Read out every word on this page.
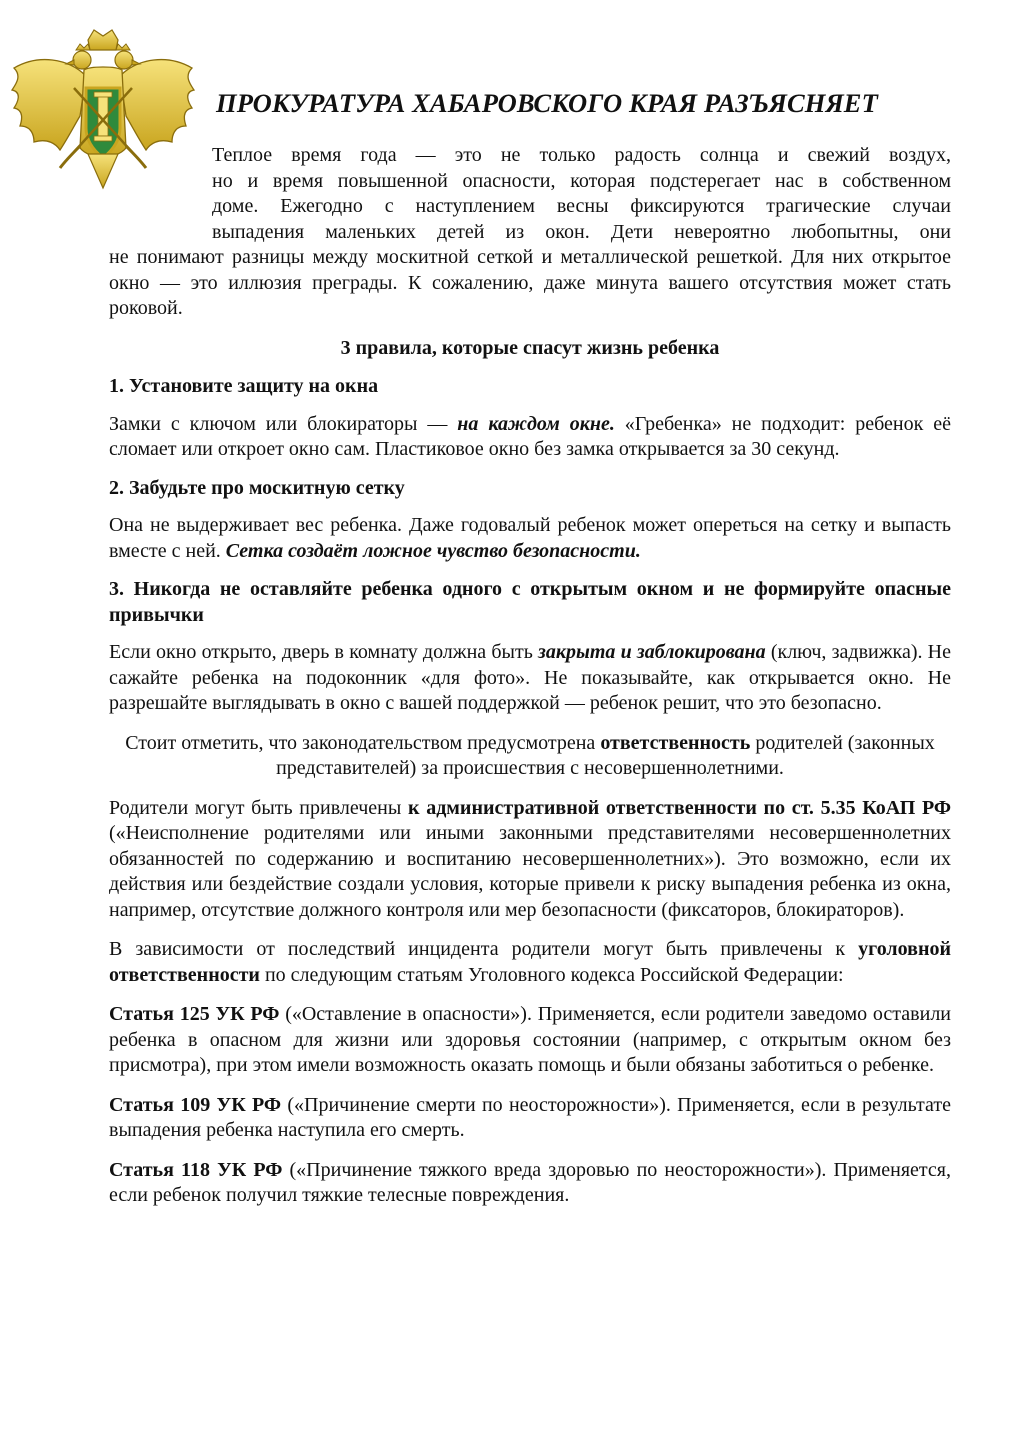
ПРОКУРАТУРА ХАБАРОВСКОГО КРАЯ РАЗЪЯСНЯЕТ
Теплое время года — это не только радость солнца и свежий воздух,
но и время повышенной опасности, которая подстерегает нас в собственном
доме. Ежегодно с наступлением весны фиксируются трагические случаи
выпадения маленьких детей из окон. Дети невероятно любопытны, они
не понимают разницы между москитной сеткой и металлической решеткой. Для них открытое окно — это иллюзия преграды. К сожалению, даже минута вашего отсутствия может стать роковой.

3 правила, которые спасут жизнь ребенка

1. Установите защиту на окна

Замки с ключом или блокираторы — на каждом окне. «Гребенка» не подходит: ребенок её сломает или откроет окно сам. Пластиковое окно без замка открывается за 30 секунд.

2. Забудьте про москитную сетку

Она не выдерживает вес ребенка. Даже годовалый ребенок может опереться на сетку и выпасть вместе с ней. Сетка создаёт ложное чувство безопасности.

3. Никогда не оставляйте ребенка одного с открытым окном и не формируйте опасные привычки

Если окно открыто, дверь в комнату должна быть закрыта и заблокирована (ключ, задвижка). Не сажайте ребенка на подоконник «для фото». Не показывайте, как открывается окно. Не разрешайте выглядывать в окно с вашей поддержкой — ребенок решит, что это безопасно.

Стоит отметить, что законодательством предусмотрена ответственность родителей (законных представителей) за происшествия с несовершеннолетними.

Родители могут быть привлечены к административной ответственности по ст. 5.35 КоАП РФ («Неисполнение родителями или иными законными представителями несовершеннолетних обязанностей по содержанию и воспитанию несовершеннолетних»). Это возможно, если их действия или бездействие создали условия, которые привели к риску выпадения ребенка из окна, например, отсутствие должного контроля или мер безопасности (фиксаторов, блокираторов).

В зависимости от последствий инцидента родители могут быть привлечены к уголовной ответственности по следующим статьям Уголовного кодекса Российской Федерации:

Статья 125 УК РФ («Оставление в опасности»). Применяется, если родители заведомо оставили ребенка в опасном для жизни или здоровья состоянии (например, с открытым окном без присмотра), при этом имели возможность оказать помощь и были обязаны заботиться о ребенке.

Статья 109 УК РФ («Причинение смерти по неосторожности»). Применяется, если в результате выпадения ребенка наступила его смерть.

Статья 118 УК РФ («Причинение тяжкого вреда здоровью по неосторожности»). Применяется, если ребенок получил тяжкие телесные повреждения.
